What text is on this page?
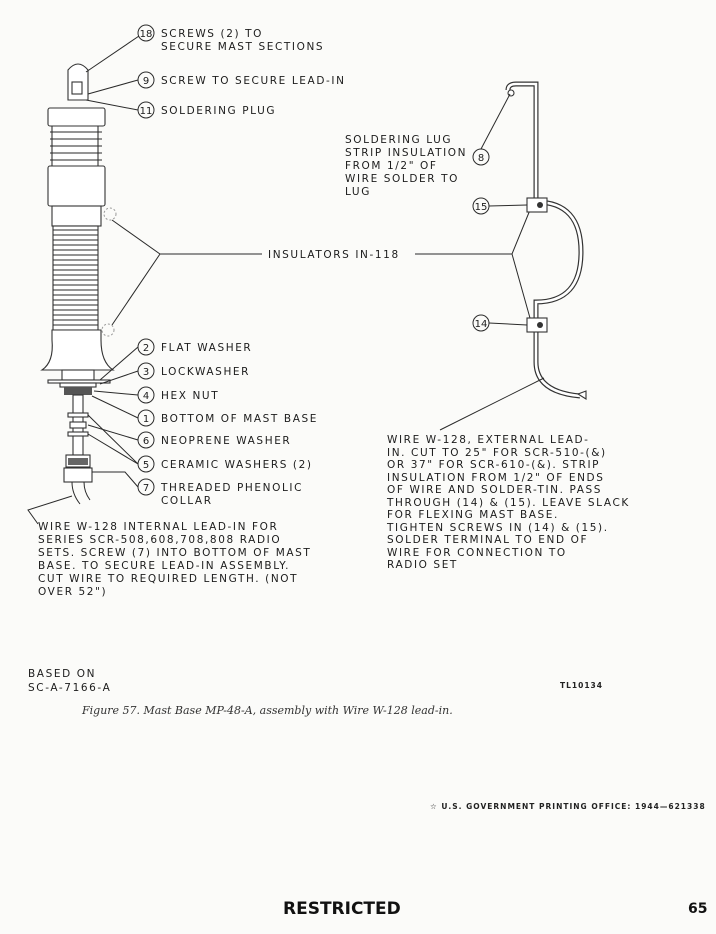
18 SCREWS (2) TO
SECURE MAST SECTIONS
9 SCREW TO SECURE LEAD-IN
11 SOLDERING PLUG
INSULATORS IN-118
2 FLAT WASHER
3 LOCKWASHER
4 HEX NUT
1 BOTTOM OF MAST BASE
6 NEOPRENE WASHER
5 CERAMIC WASHERS (2)
7 THREADED PHENOLIC
COLLAR
WIRE W-128 INTERNAL LEAD-IN FOR
SERIES SCR-508,608,708,808 RADIO
SETS. SCREW (7) INTO BOTTOM OF MAST
BASE. TO SECURE LEAD-IN ASSEMBLY.
CUT WIRE TO REQUIRED LENGTH. (NOT
OVER 52")
8
SOLDERING LUG
STRIP INSULATION
FROM 1/2" OF
WIRE SOLDER TO
LUG
15
14
WIRE W-128, EXTERNAL LEAD-
IN. CUT TO 25" FOR SCR-510-(&)
OR 37" FOR SCR-610-(&). STRIP
INSULATION FROM 1/2" OF ENDS
OF WIRE AND SOLDER-TIN. PASS
THROUGH (14) & (15). LEAVE SLACK
FOR FLEXING MAST BASE.
TIGHTEN SCREWS IN (14) & (15).
SOLDER TERMINAL TO END OF
WIRE FOR CONNECTION TO
RADIO SET
BASED ON
SC-A-7166-A	TL10134
Figure 57. Mast Base MP-48-A, assembly with Wire W-128 lead-in.
☆ U.S. GOVERNMENT PRINTING OFFICE: 1944—621338
RESTRICTED	65
